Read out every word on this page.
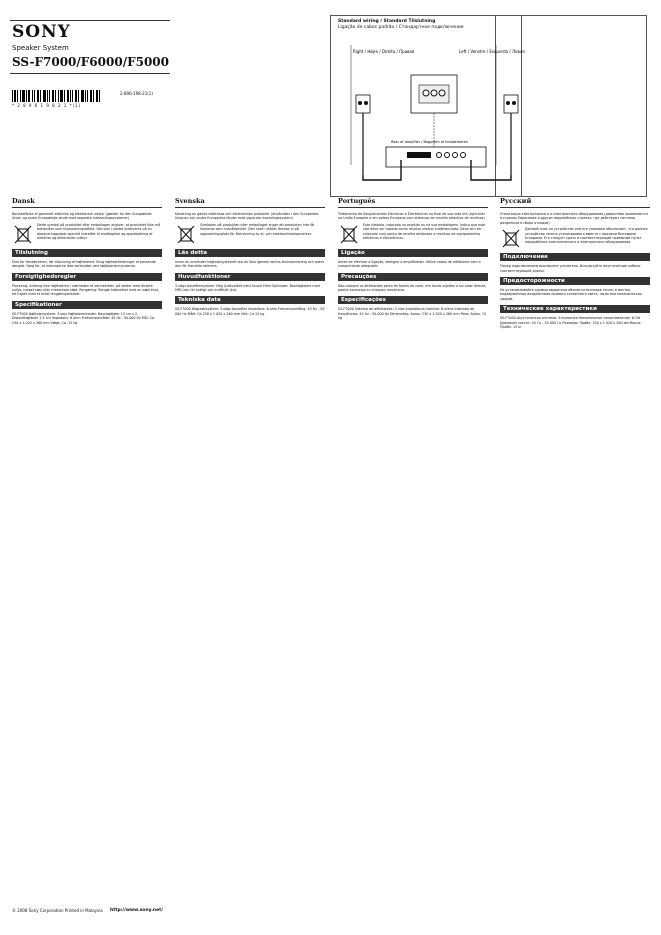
SONY
Speaker System
SS-F7000/F6000/F5000
* 2 8 9 6 1 9 8 2 1 *(1)
2-896-198-21(1)
Standard wiring / Standard Tilslutning
Ligação de cabos padrão / Стандартное подключение
Right / Højre / Direita / Правая	Left / Venstre / Esquerda / Левая
Rear of amplifier / Bagsiden af forstærkeren
Dansk
Bortskaffelse af gammelt elektrisk og elektronisk udstyr (gælder for den Europæiske Union og andre Europæiske lande med separate indsamlingssystemer)
Dette symbol på produktet eller emballagen angiver, at produktet ikke må behandles som husholdningsaffald. Det skal i stedet indleveres på en deponeringsplads specielt indrettet til modtagelse og oparbejdning af elektrisk og elektronisk udstyr.
Tilslutning
Sluk for forstærkeren, før tilslutning af højttalerne. Brug højttalerledninger af passende længde. Sørg for, at ledningerne ikke kortslutter ved højttalerterminalerne.
Forsigtighedsregler
Placering: Anbring ikke højttalerne i nærheden af varmekilder, på steder med direkte sollys, meget støv eller mekaniske stød. Rengøring: Rengør kabinettet med en blød klud, let fugtet med et mildt rengøringsmiddel.
Specifikationer
SS-F7000 Højttalersystem: 3-vejs Højttalerenheder: Basshøjttaler 13 cm x 2, Diskanthøjttaler 2,5 cm Impedans: 6 ohm Frekvensområde: 45 Hz - 50.000 Hz Mål: Ca. 230 x 1.020 x 260 mm Vægt: Ca. 15 kg
Svenska
Kassering av gamla elektriska och elektroniska produkter (Användbar i den Europeiska Unionen och andra Europeiska länder med separata insamlingssystem)
Symbolen på produkten eller emballaget anger att produkten inte får hanteras som hushållsavfall. Den skall i stället lämnas in på uppsamlingsplats för återvinning av el- och elektronikkomponenter.
Läs detta
Innan du använder högtalarsystemet ska du läsa igenom denna bruksanvisning och spara den för framtida referens.
Huvudfunktioner
3-vägs basreflexsystem. Hög ljudkvalitet med Sound Field Optimizer. Bashögtalare med MRC-kon för tydligt och kraftfullt ljud.
Tekniska data
SS-F7000 Högtalarsystem: 3-vägs basreflex Impedans: 6 ohm Frekvensomfång: 45 Hz - 50 000 Hz Mått: Ca 230 x 1 020 x 260 mm Vikt: Ca 15 kg
Português
Tratamento de Equipamentos Eléctricos e Electrónicos no final da sua vida útil (Aplicável na União Europeia e em países Europeus com sistemas de recolha selectiva de resíduos)
Este símbolo, colocado no produto ou na sua embalagem, indica que este não deve ser tratado como resíduo urbano indiferenciado. Deve sim ser colocado num ponto de recolha destinado a resíduos de equipamentos eléctricos e electrónicos.
Ligação
Antes de efectuar a ligação, desligue o amplificador. Utilize cabos de altifalante com o comprimento adequado.
Precauções
Não coloque os altifalantes perto de fontes de calor, em locais sujeitos a luz solar directa, poeira excessiva ou choques mecânicos.
Especificações
SS-F7000 Sistema de altifalantes: 3 vias Impedância nominal: 6 ohms Intervalo de frequências: 45 Hz - 50.000 Hz Dimensões: Aprox. 230 x 1.020 x 260 mm Peso: Aprox. 15 kg
Русский
Утилизация электрического и электронного оборудования (директива применяется в странах Евросоюза и других европейских странах, где действуют системы раздельного сбора отходов)
Данный знак на устройстве или его упаковке обозначает, что данное устройство нельзя утилизировать вместе с прочими бытовыми отходами. Его следует сдать в соответствующий приемный пункт переработки электрического и электронного оборудования.
Подключение
Перед подключением выключите усилитель. Используйте акустические кабели соответствующей длины.
Предосторожности
Не устанавливайте громкоговорители вблизи источников тепла, в местах, подверженных воздействию прямого солнечного света, пыли или механических ударов.
Технические характеристики
SS-F7000 Акустическая система: 3-полосная Номинальное сопротивление: 6 Ом Диапазон частот: 45 Гц - 50 000 Гц Размеры: Прибл. 230 x 1 020 x 260 мм Масса: Прибл. 15 кг
© 2008 Sony Corporation Printed in Malaysia http://www.sony.net/
